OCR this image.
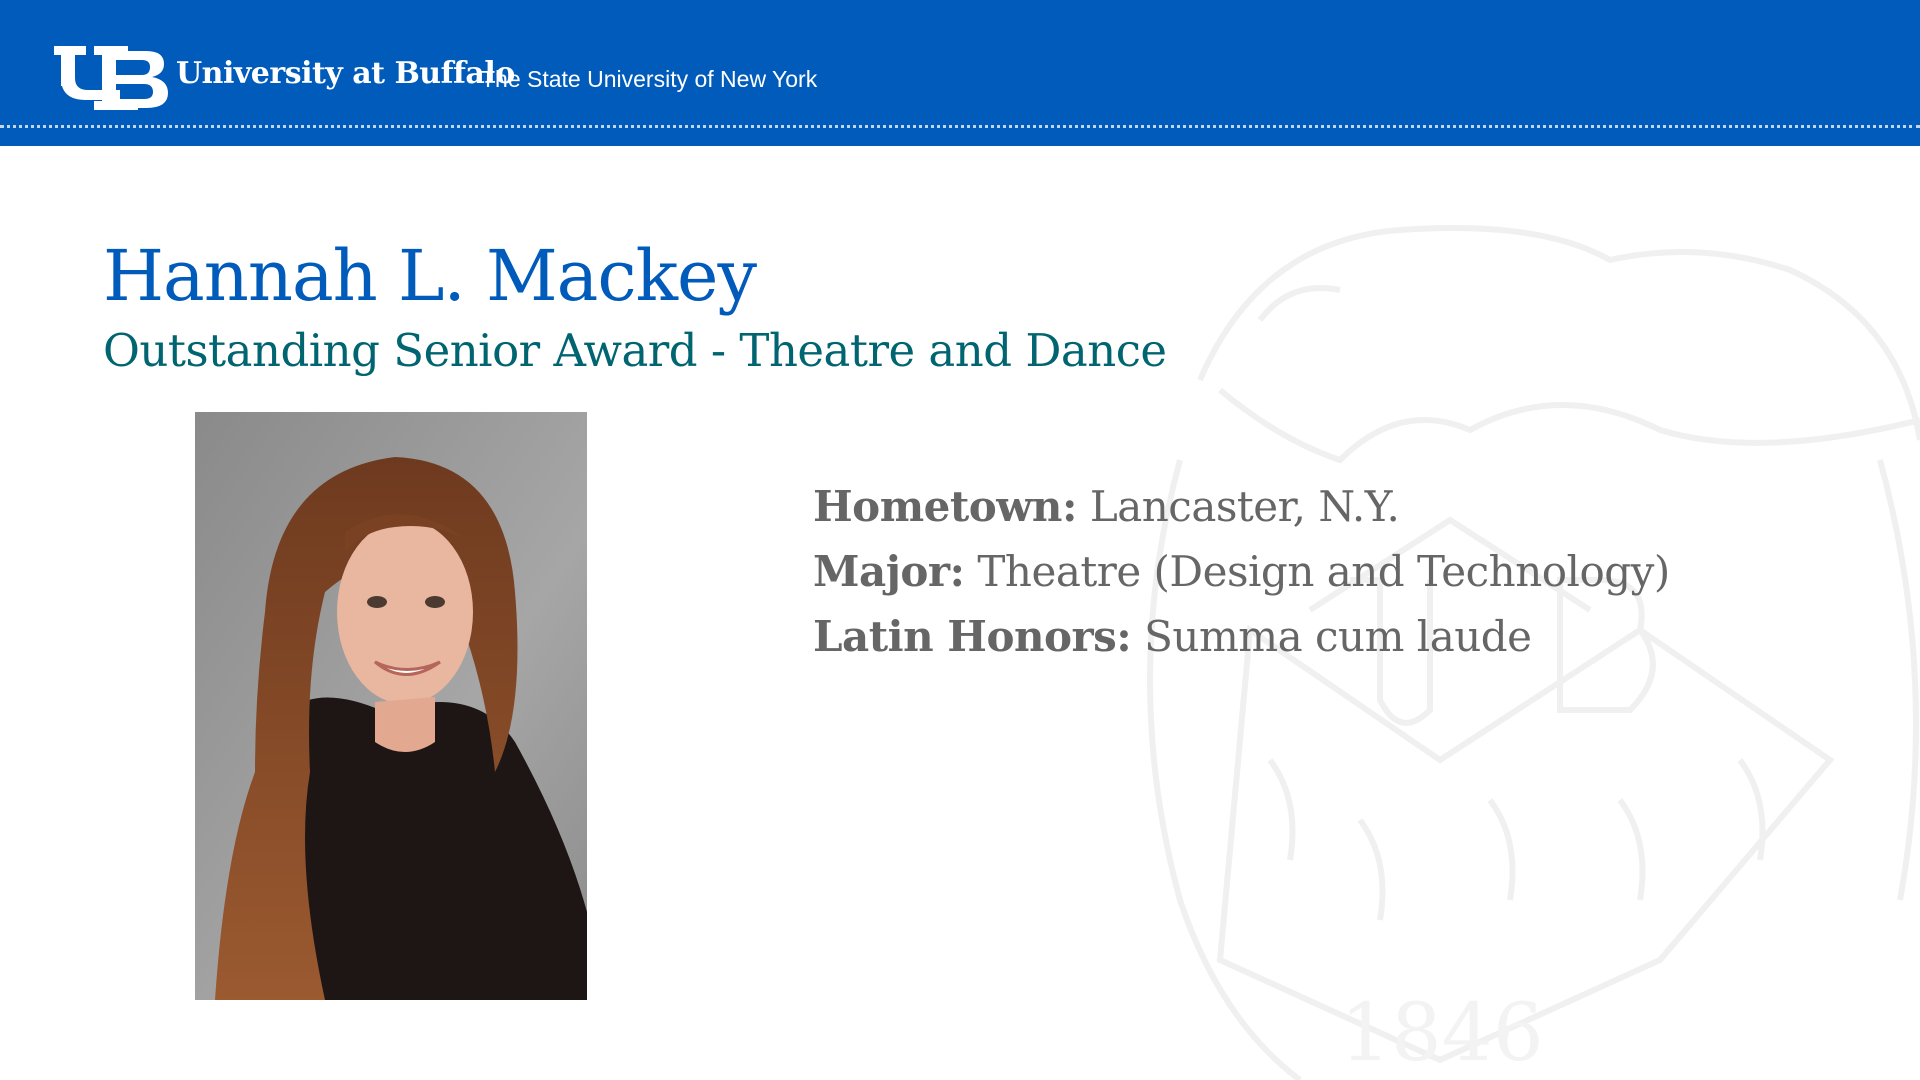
University at Buffalo
The State University of New York
1846
Hannah L. Mackey
Outstanding Senior Award - Theatre and Dance
Hometown: Lancaster, N.Y.
Major: Theatre (Design and Technology)
Latin Honors: Summa cum laude
